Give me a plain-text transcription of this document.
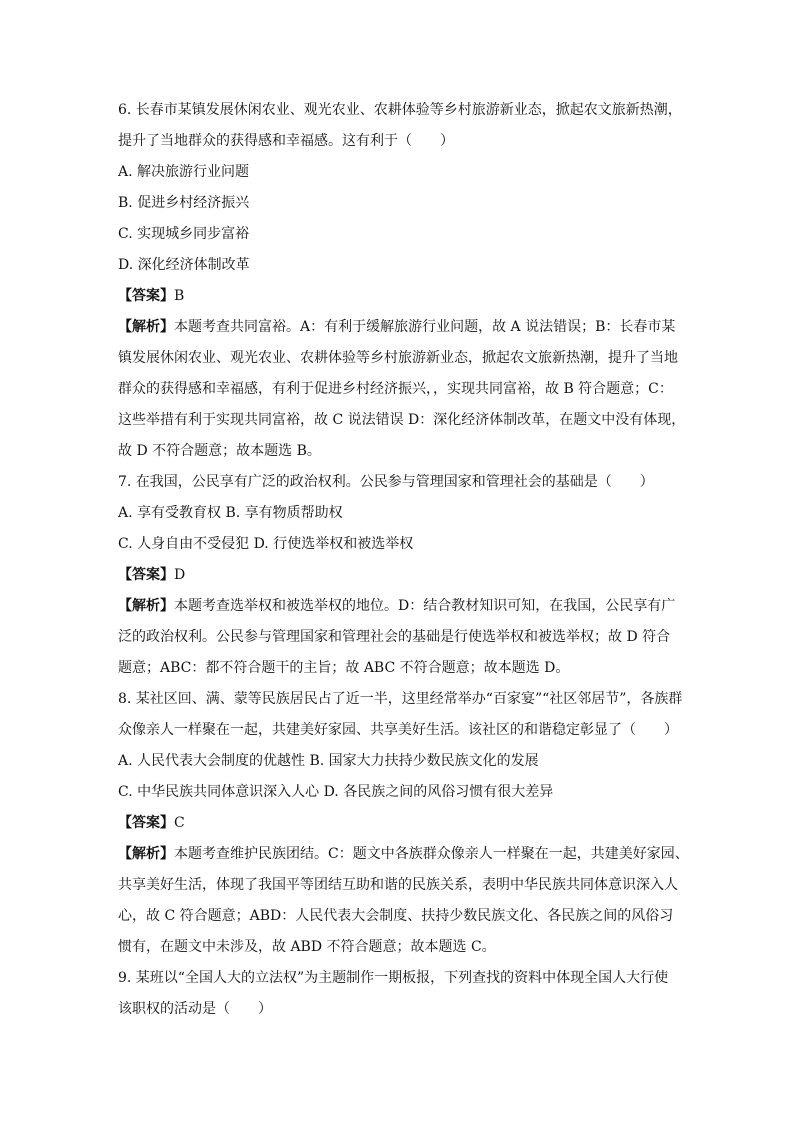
6. 长春市某镇发展休闲农业、观光农业、农耕体验等乡村旅游新业态，掀起农文旅新热潮，

提升了当地群众的获得感和幸福感。这有利于（　　）

A. 解决旅游行业问题

B. 促进乡村经济振兴

C. 实现城乡同步富裕

D. 深化经济体制改革

【答案】B

【解析】本题考查共同富裕。A：有利于缓解旅游行业问题，故 A 说法错误；B：长春市某

镇发展休闲农业、观光农业、农耕体验等乡村旅游新业态，掀起农文旅新热潮，提升了当地

群众的获得感和幸福感，有利于促进乡村经济振兴，，实现共同富裕，故 B 符合题意；C：

这些举措有利于实现共同富裕，故 C 说法错误 D：深化经济体制改革，在题文中没有体现，

故 D 不符合题意；故本题选 B。

7. 在我国，公民享有广泛的政治权利。公民参与管理国家和管理社会的基础是（　　）

A. 享有受教育权 B. 享有物质帮助权

C. 人身自由不受侵犯 D. 行使选举权和被选举权

【答案】D

【解析】本题考查选举权和被选举权的地位。D：结合教材知识可知，在我国，公民享有广

泛的政治权利。公民参与管理国家和管理社会的基础是行使选举权和被选举权；故 D 符合

题意；ABC：都不符合题干的主旨；故 ABC 不符合题意；故本题选 D。

8. 某社区回、满、蒙等民族居民占了近一半，这里经常举办“百家宴”“社区邻居节”，各族群

众像亲人一样聚在一起，共建美好家园、共享美好生活。该社区的和谐稳定彰显了（　　）

A. 人民代表大会制度的优越性 B. 国家大力扶持少数民族文化的发展

C. 中华民族共同体意识深入人心 D. 各民族之间的风俗习惯有很大差异

【答案】C

【解析】本题考查维护民族团结。C：题文中各族群众像亲人一样聚在一起，共建美好家园、

共享美好生活，体现了我国平等团结互助和谐的民族关系，表明中华民族共同体意识深入人

心，故 C 符合题意；ABD：人民代表大会制度、扶持少数民族文化、各民族之间的风俗习

惯有，在题文中未涉及，故 ABD 不符合题意；故本题选 C。

9. 某班以“全国人大的立法权”为主题制作一期板报，下列查找的资料中体现全国人大行使

该职权的活动是（　　）
